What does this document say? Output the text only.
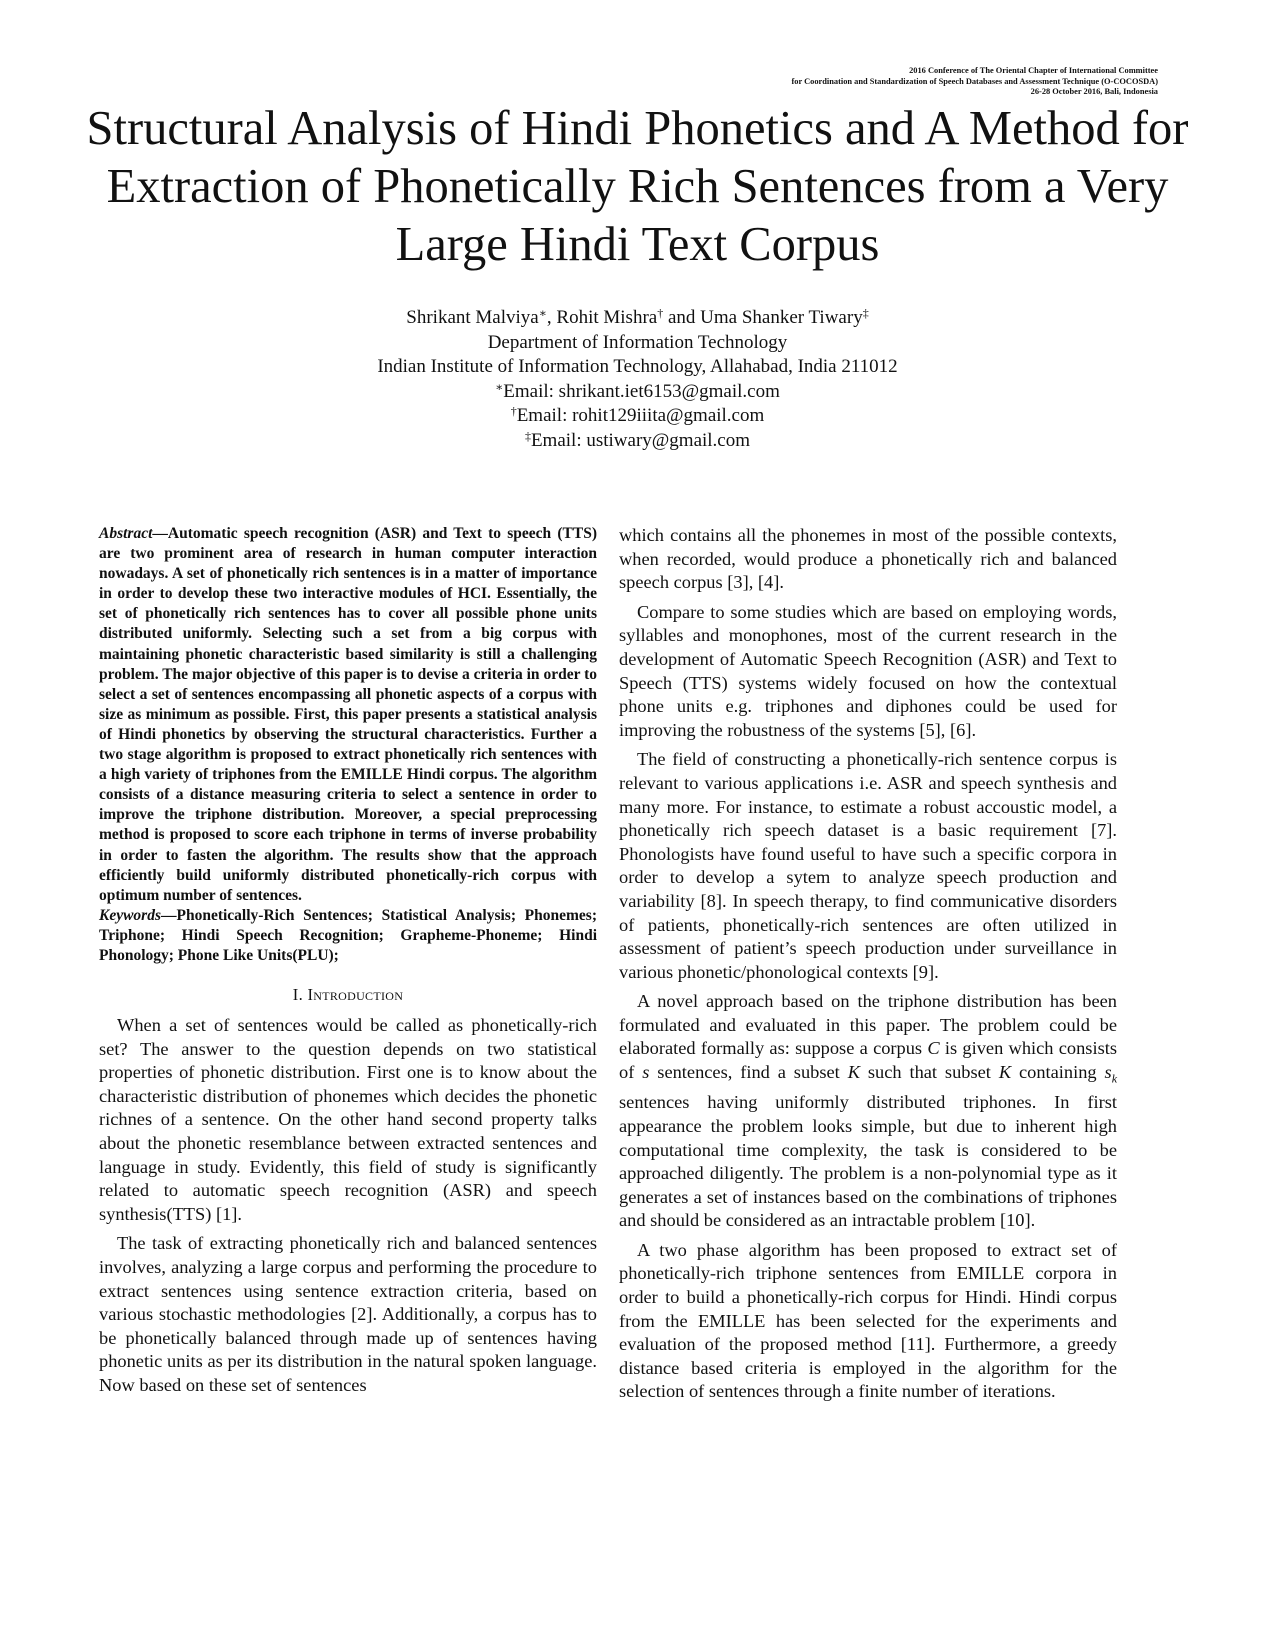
2016 Conference of The Oriental Chapter of International Committee
for Coordination and Standardization of Speech Databases and Assessment Technique (O-COCOSDA)
26-28 October 2016, Bali, Indonesia
Structural Analysis of Hindi Phonetics and A Method for Extraction of Phonetically Rich Sentences from a Very Large Hindi Text Corpus
Shrikant Malviya∗, Rohit Mishra† and Uma Shanker Tiwary‡
Department of Information Technology
Indian Institute of Information Technology, Allahabad, India 211012
∗Email: shrikant.iet6153@gmail.com
†Email: rohit129iiita@gmail.com
‡Email: ustiwary@gmail.com

Abstract—Automatic speech recognition (ASR) and Text to speech (TTS) are two prominent area of research in human computer interaction nowadays. A set of phonetically rich sentences is in a matter of importance in order to develop these two interactive modules of HCI. Essentially, the set of phonetically rich sentences has to cover all possible phone units distributed uniformly. Selecting such a set from a big corpus with maintaining phonetic characteristic based similarity is still a challenging problem. The major objective of this paper is to devise a criteria in order to select a set of sentences encompassing all phonetic aspects of a corpus with size as minimum as possible. First, this paper presents a statistical analysis of Hindi phonetics by observing the structural characteristics. Further a two stage algorithm is proposed to extract phonetically rich sentences with a high variety of triphones from the EMILLE Hindi corpus. The algorithm consists of a distance measuring criteria to select a sentence in order to improve the triphone distribution. Moreover, a special preprocessing method is proposed to score each triphone in terms of inverse probability in order to fasten the algorithm. The results show that the approach efficiently build uniformly distributed phonetically-rich corpus with optimum number of sentences.

Keywords—Phonetically-Rich Sentences; Statistical Analysis; Phonemes; Triphone; Hindi Speech Recognition; Grapheme-Phoneme; Hindi Phonology; Phone Like Units(PLU);

I. Introduction

When a set of sentences would be called as phonetically-rich set? The answer to the question depends on two statistical properties of phonetic distribution. First one is to know about the characteristic distribution of phonemes which decides the phonetic richnes of a sentence. On the other hand second property talks about the phonetic resemblance between extracted sentences and language in study. Evidently, this field of study is significantly related to automatic speech recognition (ASR) and speech synthesis(TTS) [1].

The task of extracting phonetically rich and balanced sentences involves, analyzing a large corpus and performing the procedure to extract sentences using sentence extraction criteria, based on various stochastic methodologies [2]. Additionally, a corpus has to be phonetically balanced through made up of sentences having phonetic units as per its distribution in the natural spoken language. Now based on these set of sentences

which contains all the phonemes in most of the possible contexts, when recorded, would produce a phonetically rich and balanced speech corpus [3], [4].

Compare to some studies which are based on employing words, syllables and monophones, most of the current research in the development of Automatic Speech Recognition (ASR) and Text to Speech (TTS) systems widely focused on how the contextual phone units e.g. triphones and diphones could be used for improving the robustness of the systems [5], [6].

The field of constructing a phonetically-rich sentence corpus is relevant to various applications i.e. ASR and speech synthesis and many more. For instance, to estimate a robust accoustic model, a phonetically rich speech dataset is a basic requirement [7]. Phonologists have found useful to have such a specific corpora in order to develop a sytem to analyze speech production and variability [8]. In speech therapy, to find communicative disorders of patients, phonetically-rich sentences are often utilized in assessment of patient’s speech production under surveillance in various phonetic/phonological contexts [9].

A novel approach based on the triphone distribution has been formulated and evaluated in this paper. The problem could be elaborated formally as: suppose a corpus C is given which consists of s sentences, find a subset K such that subset K containing $s_k$ sentences having uniformly distributed triphones. In first appearance the problem looks simple, but due to inherent high computational time complexity, the task is considered to be approached diligently. The problem is a non-polynomial type as it generates a set of instances based on the combinations of triphones and should be considered as an intractable problem [10].

A two phase algorithm has been proposed to extract set of phonetically-rich triphone sentences from EMILLE corpora in order to build a phonetically-rich corpus for Hindi. Hindi corpus from the EMILLE has been selected for the experiments and evaluation of the proposed method [11]. Furthermore, a greedy distance based criteria is employed in the algorithm for the selection of sentences through a finite number of iterations.
